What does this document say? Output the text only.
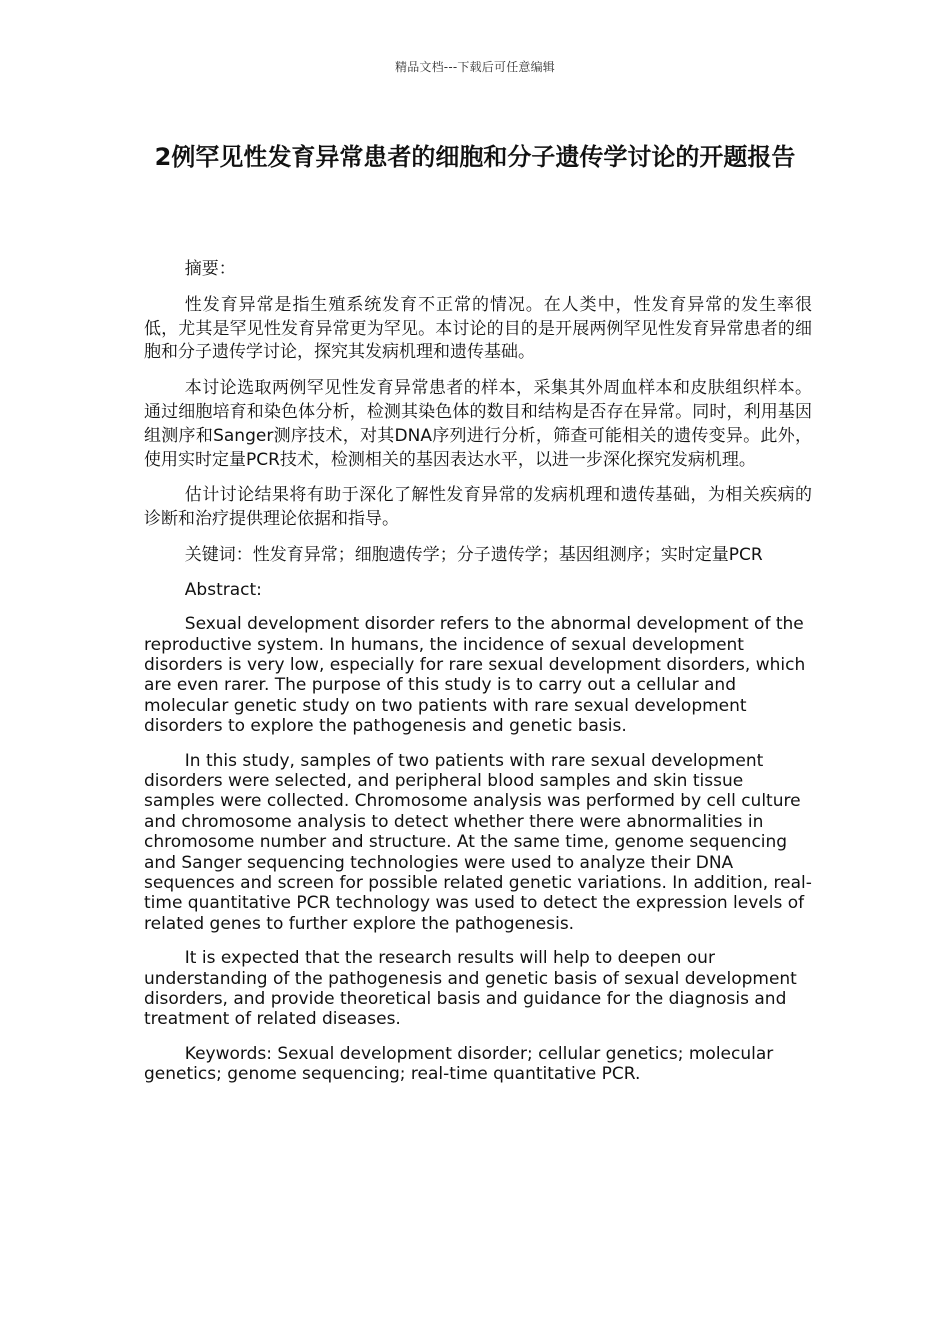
精品文档---下载后可任意编辑
2例罕见性发育异常患者的细胞和分子遗传学讨论的开题报告

摘要：

性发育异常是指生殖系统发育不正常的情况。在人类中，性发育异常的发生率很低，尤其是罕见性发育异常更为罕见。本讨论的目的是开展两例罕见性发育异常患者的细胞和分子遗传学讨论，探究其发病机理和遗传基础。

本讨论选取两例罕见性发育异常患者的样本，采集其外周血样本和皮肤组织样本。通过细胞培育和染色体分析，检测其染色体的数目和结构是否存在异常。同时，利用基因组测序和Sanger测序技术，对其DNA序列进行分析，筛查可能相关的遗传变异。此外，使用实时定量PCR技术，检测相关的基因表达水平，以进一步深化探究发病机理。

估计讨论结果将有助于深化了解性发育异常的发病机理和遗传基础，为相关疾病的诊断和治疗提供理论依据和指导。

关键词：性发育异常；细胞遗传学；分子遗传学；基因组测序；实时定量PCR

Abstract:

Sexual development disorder refers to the abnormal development of the reproductive system. In humans, the incidence of sexual development disorders is very low, especially for rare sexual development disorders, which are even rarer. The purpose of this study is to carry out a cellular and molecular genetic study on two patients with rare sexual development disorders to explore the pathogenesis and genetic basis.

In this study, samples of two patients with rare sexual development disorders were selected, and peripheral blood samples and skin tissue samples were collected. Chromosome analysis was performed by cell culture and chromosome analysis to detect whether there were abnormalities in chromosome number and structure. At the same time, genome sequencing and Sanger sequencing technologies were used to analyze their DNA sequences and screen for possible related genetic variations. In addition, real-time quantitative PCR technology was used to detect the expression levels of related genes to further explore the pathogenesis.

It is expected that the research results will help to deepen our understanding of the pathogenesis and genetic basis of sexual development disorders, and provide theoretical basis and guidance for the diagnosis and treatment of related diseases.

Keywords: Sexual development disorder; cellular genetics; molecular genetics; genome sequencing; real-time quantitative PCR.
